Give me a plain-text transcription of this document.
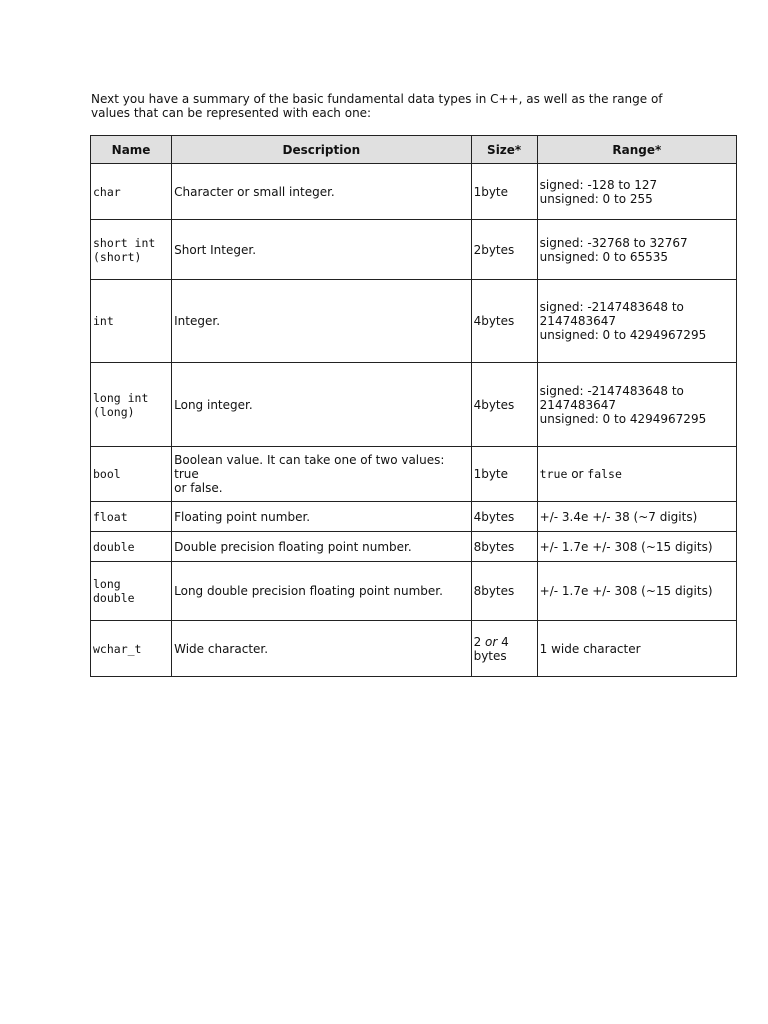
Next you have a summary of the basic fundamental data types in C++, as well as the range of
values that can be represented with each one:
Name	Description	Size*	Range*

char	Character or small integer.	1byte	signed: -128 to 127
unsigned: 0 to 255

short int
(short)	Short Integer.	2bytes	signed: -32768 to 32767
unsigned: 0 to 65535

int	Integer.	4bytes	signed: -2147483648 to
2147483647
unsigned: 0 to 4294967295

long int
(long)	Long integer.	4bytes	signed: -2147483648 to
2147483647
unsigned: 0 to 4294967295

bool	Boolean value. It can take one of two values: true
or false.	1byte	true or false

float	Floating point number.	4bytes	+/- 3.4e +/- 38 (~7 digits)

double	Double precision floating point number.	8bytes	+/- 1.7e +/- 308 (~15 digits)

long
double	Long double precision floating point number.	8bytes	+/- 1.7e +/- 308 (~15 digits)

wchar_t	Wide character.	2 or 4
bytes	1 wide character
